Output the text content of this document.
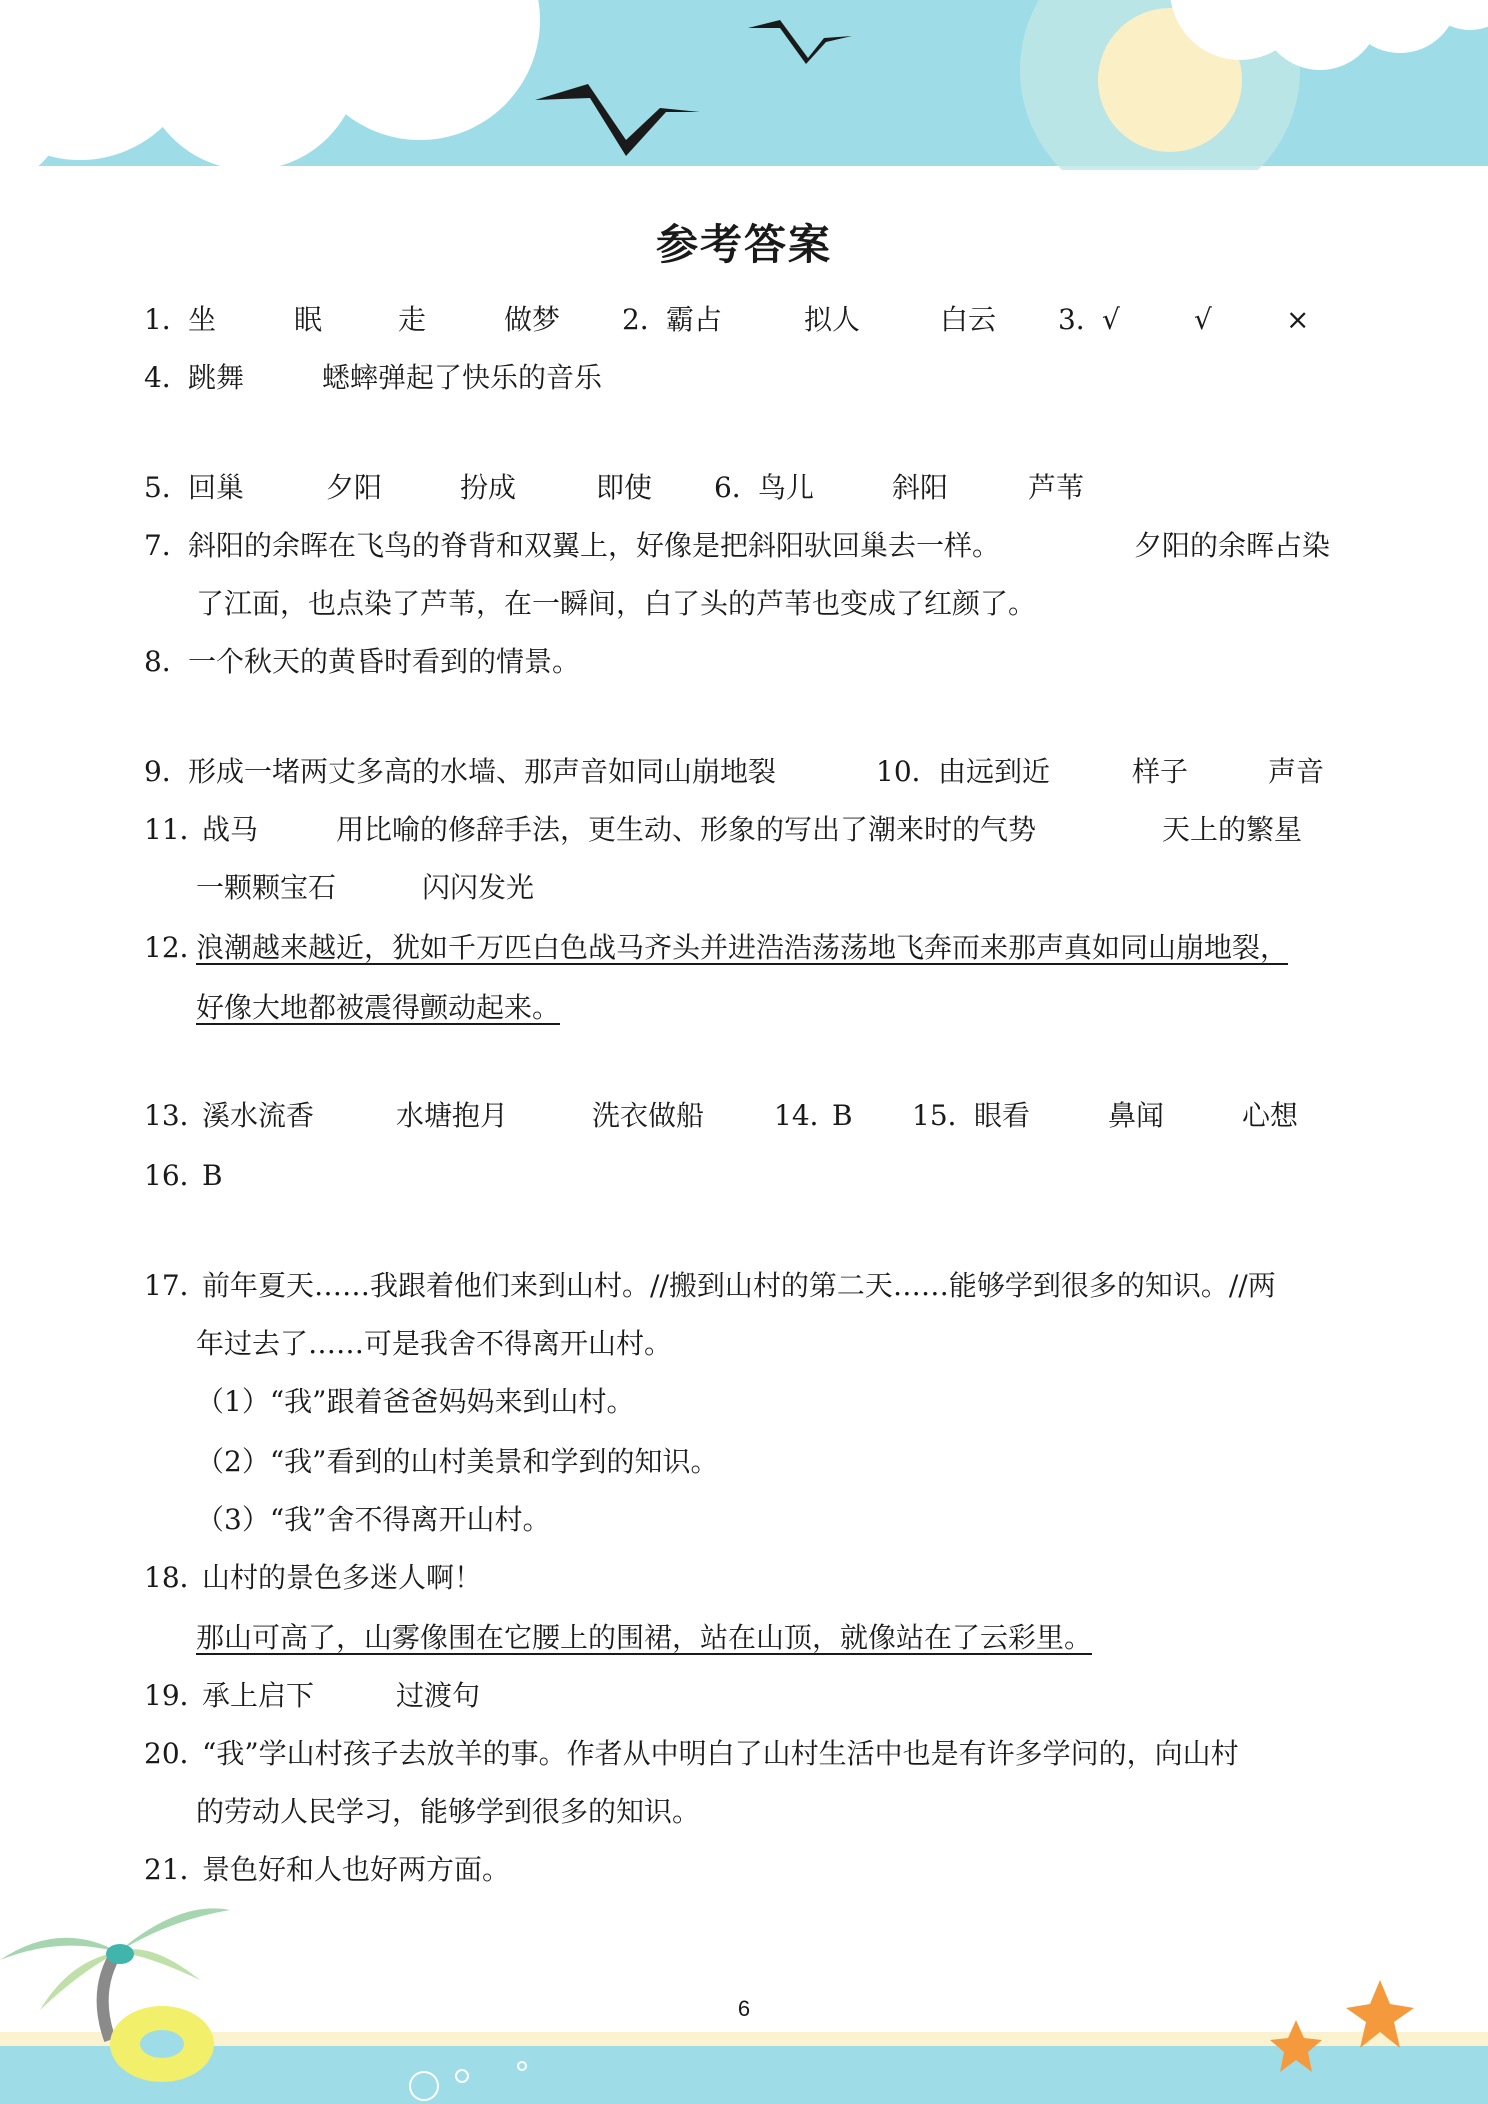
参考答案
1．
坐	眠	走	做梦 2．
霸占	拟人	白云 3．
√	√	×
4．
跳舞	蟋蟀弹起了快乐的音乐
5．
回巢	夕阳	扮成	即使 6．
鸟儿	斜阳	芦苇
7．
斜阳的余晖在飞鸟的脊背和双翼上，好像是把斜阳驮回巢去一样。	夕阳的余晖占染
了江面，也点染了芦苇，在一瞬间，白了头的芦苇也变成了红颜了。
8．
一个秋天的黄昏时看到的情景。
9．
形成一堵两丈多高的水墙、那声音如同山崩地裂	10．
由远到近	样子	声音
11．
战马	用比喻的修辞手法，更生动、形象的写出了潮来时的气势	天上的繁星
一颗颗宝石	闪闪发光
12．
浪潮越来越近，犹如千万匹白色战马齐头并进浩浩荡荡地飞奔而来那声真如同山崩地裂，
好像大地都被震得颤动起来。
13．
溪水流香	水塘抱月	洗衣做船 14．
B 15．
眼看	鼻闻	心想
16．
B
17．
前年夏天……我跟着他们来到山村。//搬到山村的第二天……能够学到很多的知识。//两
年过去了……可是我舍不得离开山村。
（1）“我”跟着爸爸妈妈来到山村。
（2）“我”看到的山村美景和学到的知识。
（3）“我”舍不得离开山村。
18．
山村的景色多迷人啊！
那山可高了，山雾像围在它腰上的围裙，站在山顶，就像站在了云彩里。
19．
承上启下	过渡句
20．
“我”学山村孩子去放羊的事。作者从中明白了山村生活中也是有许多学问的，向山村
的劳动人民学习，能够学到很多的知识。
21．
景色好和人也好两方面。
6
